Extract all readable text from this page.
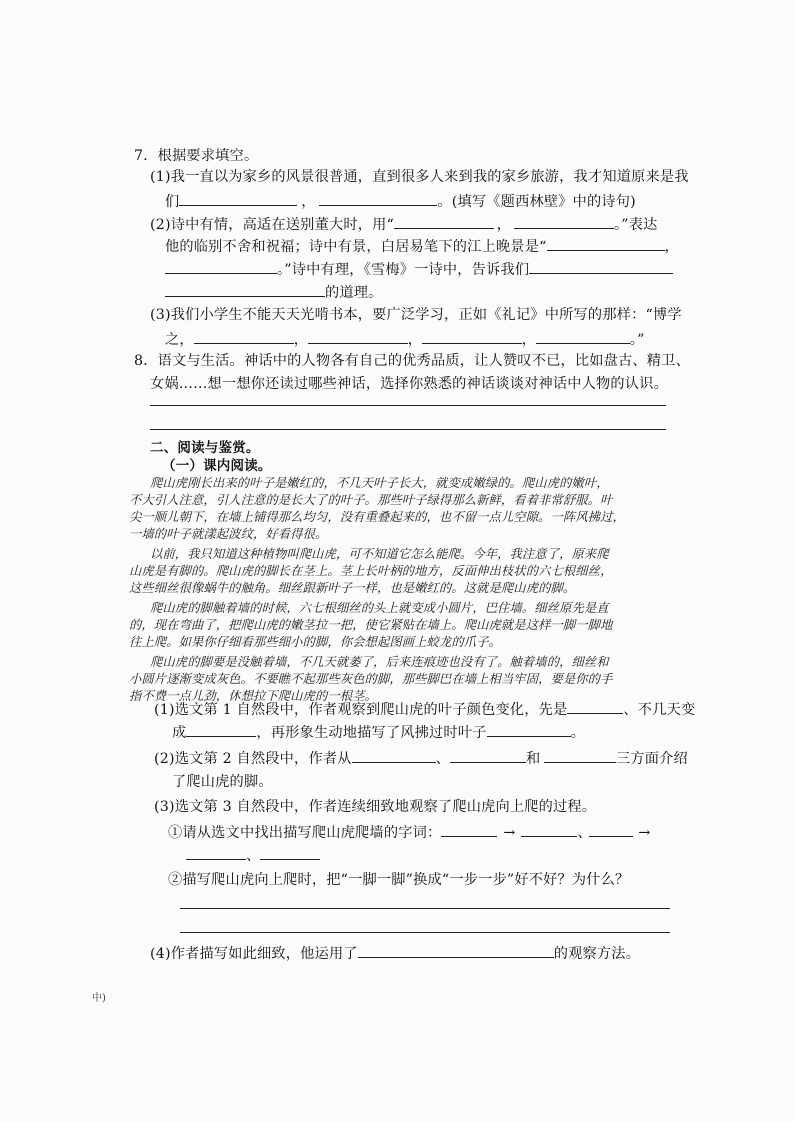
7．根据要求填空。
(1)我一直以为家乡的风景很普通，直到很多人来到我的家乡旅游，我才知道原来是我
们	，	。(填写《题西林壁》中的诗句)
(2)诗中有情，高适在送别董大时，用“	，	。”表达
他的临别不舍和祝福；诗中有景，白居易笔下的江上晚景是“	，
。”诗中有理，《雪梅》一诗中，告诉我们
的道理。
(3)我们小学生不能天天光啃书本，要广泛学习，正如《礼记》中所写的那样：“博学
之，	，	，	，	。”
8．语文与生活。神话中的人物各有自己的优秀品质，让人赞叹不已，比如盘古、精卫、
女娲……想一想你还读过哪些神话，选择你熟悉的神话谈谈对神话中人物的认识。
二、阅读与鉴赏。
（一）课内阅读。
爬山虎刚长出来的叶子是嫩红的，不几天叶子长大，就变成嫩绿的。爬山虎的嫩叶，
不大引人注意，引人注意的是长大了的叶子。那些叶子绿得那么新鲜，看着非常舒服。叶
尖一顺儿朝下，在墙上铺得那么均匀，没有重叠起来的，也不留一点儿空隙。一阵风拂过，
一墙的叶子就漾起波纹，好看得很。
以前，我只知道这种植物叫爬山虎，可不知道它怎么能爬。今年，我注意了，原来爬
山虎是有脚的。爬山虎的脚长在茎上。茎上长叶柄的地方，反面伸出枝状的六七根细丝，
这些细丝很像蜗牛的触角。细丝跟新叶子一样，也是嫩红的。这就是爬山虎的脚。
爬山虎的脚触着墙的时候，六七根细丝的头上就变成小圆片，巴住墙。细丝原先是直
的，现在弯曲了，把爬山虎的嫩茎拉一把，使它紧贴在墙上。爬山虎就是这样一脚一脚地
往上爬。如果你仔细看那些细小的脚，你会想起图画上蛟龙的爪子。
爬山虎的脚要是没触着墙，不几天就萎了，后来连痕迹也没有了。触着墙的，细丝和
小圆片逐渐变成灰色。不要瞧不起那些灰色的脚，那些脚巴在墙上相当牢固，要是你的手
指不费一点儿劲，休想拉下爬山虎的一根茎。
(1)选文第 1 自然段中，作者观察到爬山虎的叶子颜色变化，先是	、不几天变
成	，再形象生动地描写了风拂过时叶子	。
(2)选文第 2 自然段中，作者从	、	和	三方面介绍
了爬山虎的脚。
(3)选文第 3 自然段中，作者连续细致地观察了爬山虎向上爬的过程。
①请从选文中找出描写爬山虎爬墙的字词：	→	、	→
、
②描写爬山虎向上爬时，把“一脚一脚”换成“一步一步”好不好？为什么？
(4)作者描写如此细致，他运用了	的观察方法。
中)
